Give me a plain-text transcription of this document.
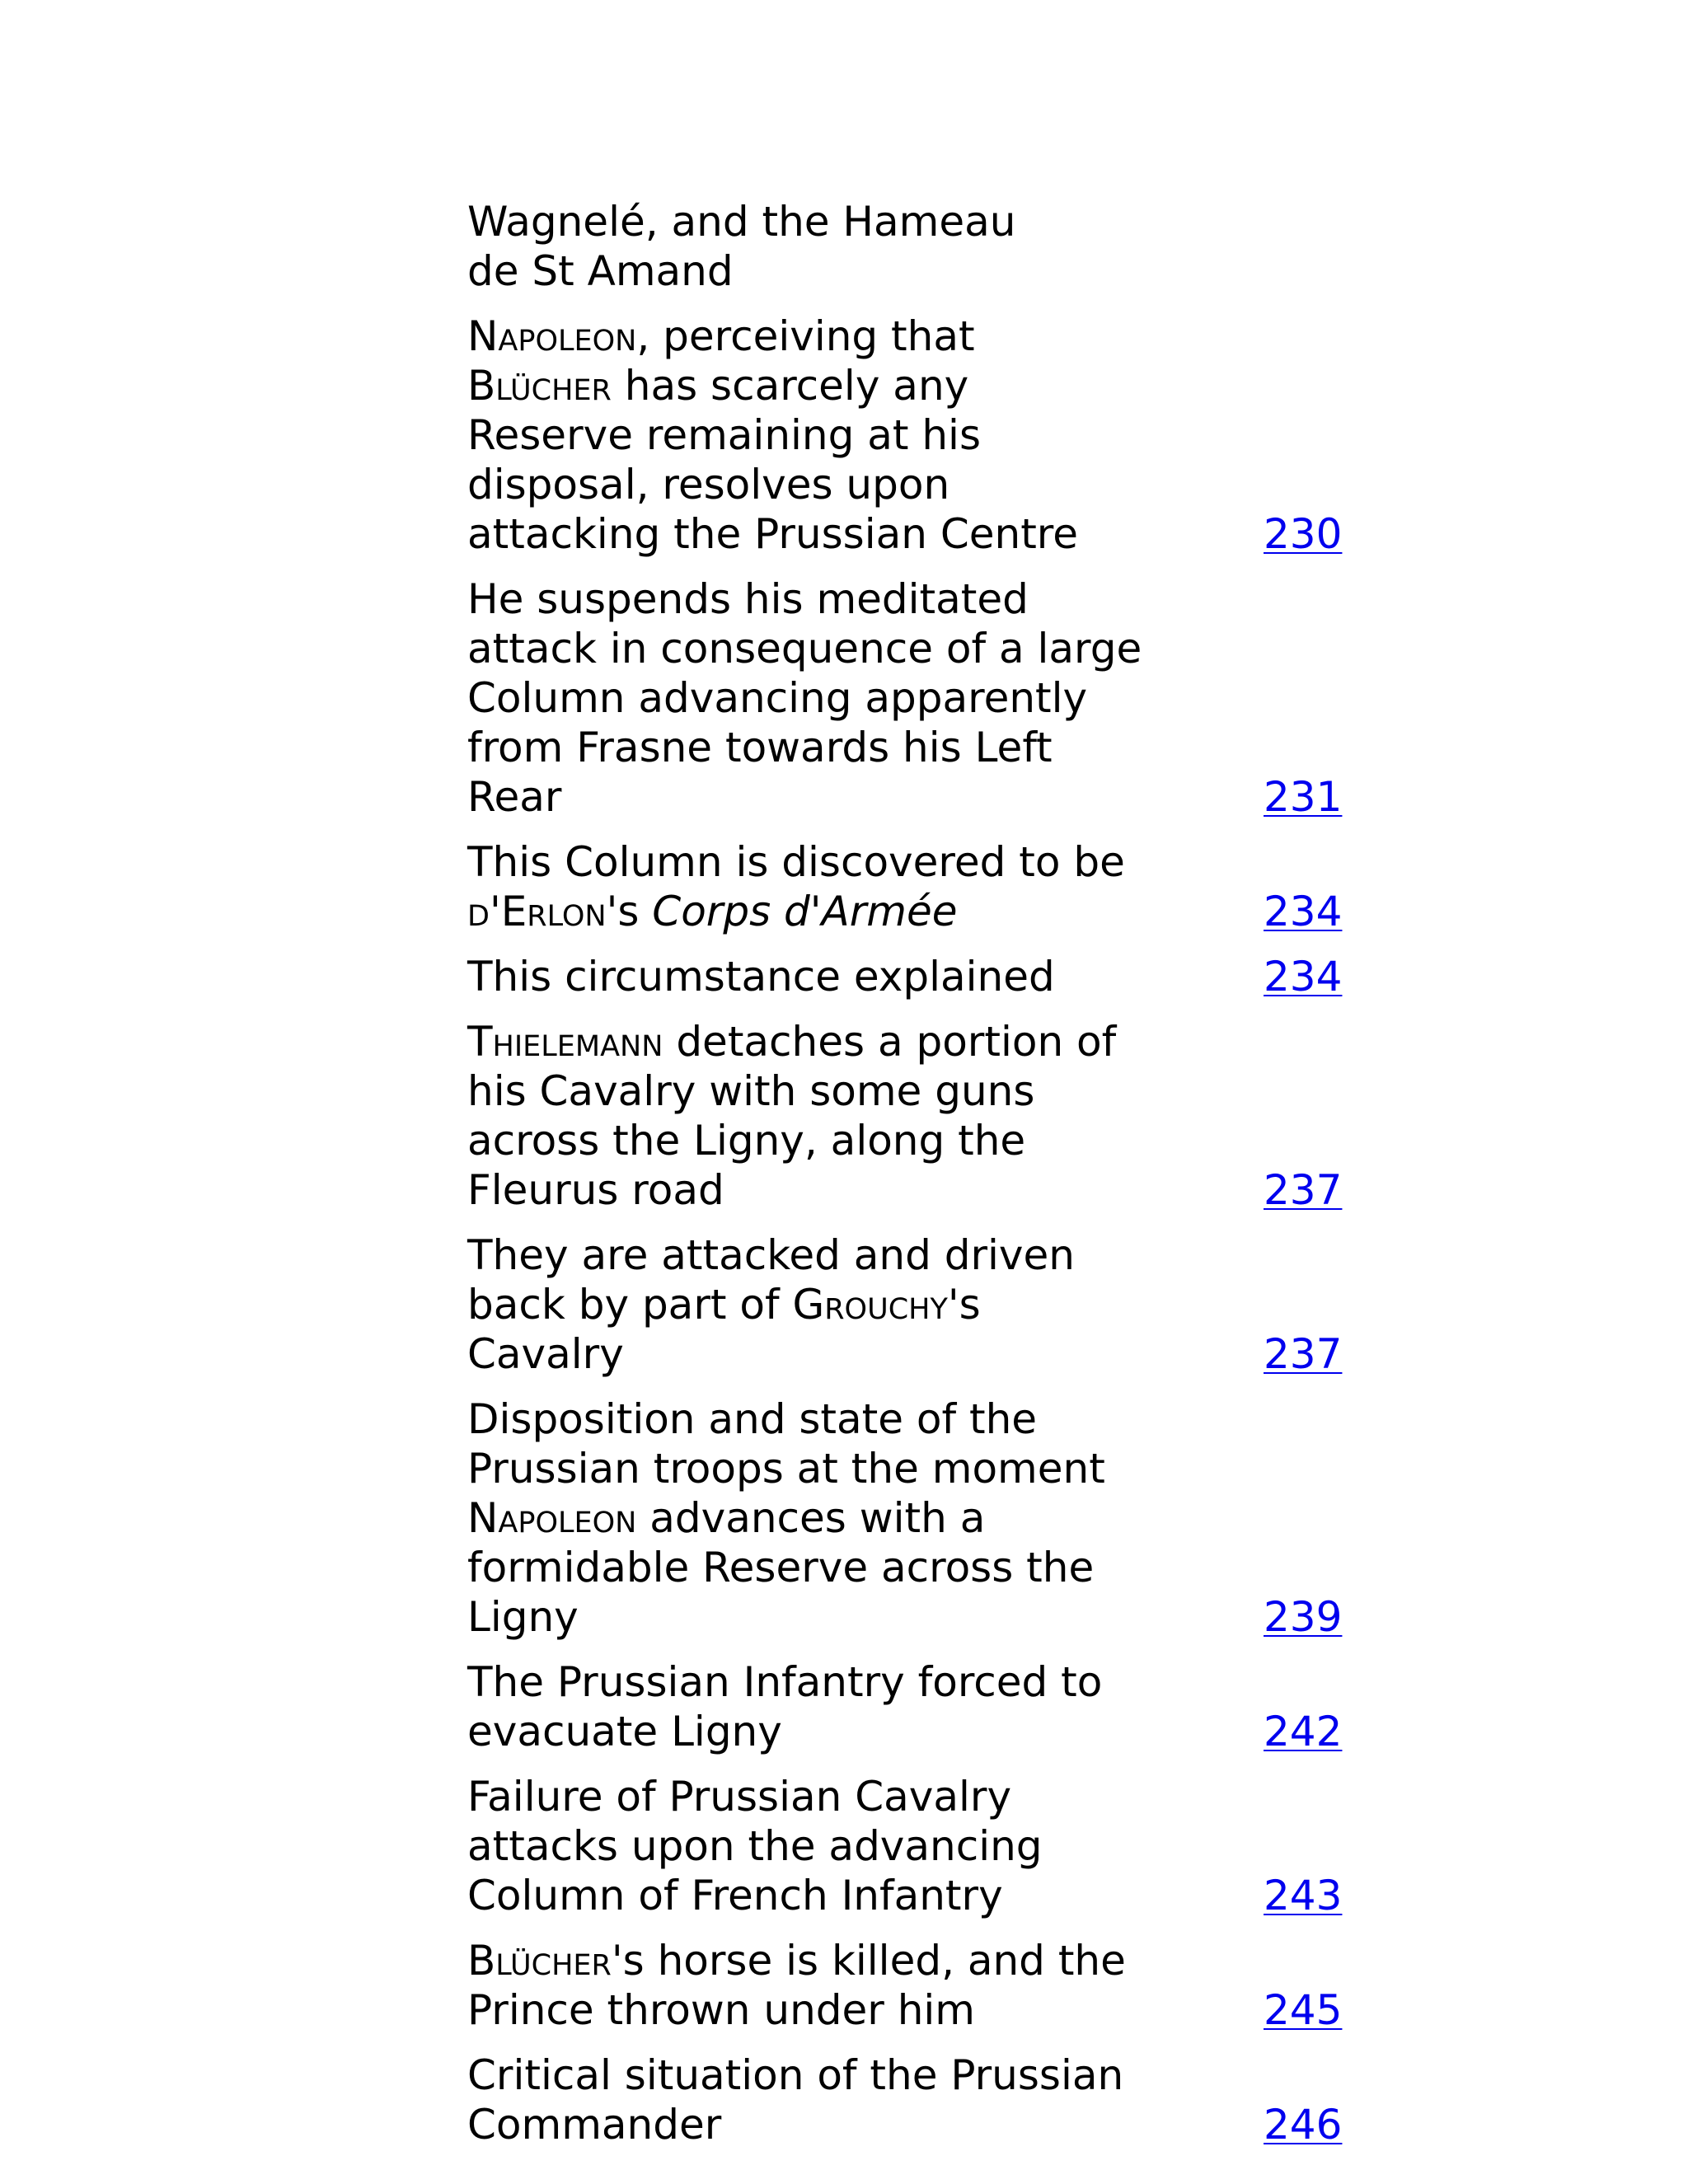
Wagnelé, and the Hameau de St Amand
Napoleon, perceiving that Blücher has scarcely any Reserve remaining at his disposal, resolves upon attacking the Prussian Centre	230
He suspends his meditated attack in consequence of a large Column advancing apparently from Frasne towards his Left Rear	231
This Column is discovered to be d'Erlon's Corps d'Armée	234
This circumstance explained	234
Thielemann detaches a portion of his Cavalry with some guns across the Ligny, along the Fleurus road	237
They are attacked and driven back by part of Grouchy's Cavalry	237
Disposition and state of the Prussian troops at the moment Napoleon advances with a formidable Reserve across the Ligny	239
The Prussian Infantry forced to evacuate Ligny	242
Failure of Prussian Cavalry attacks upon the advancing Column of French Infantry	243
Blücher's horse is killed, and the Prince thrown under him	245
Critical situation of the Prussian Commander	246
